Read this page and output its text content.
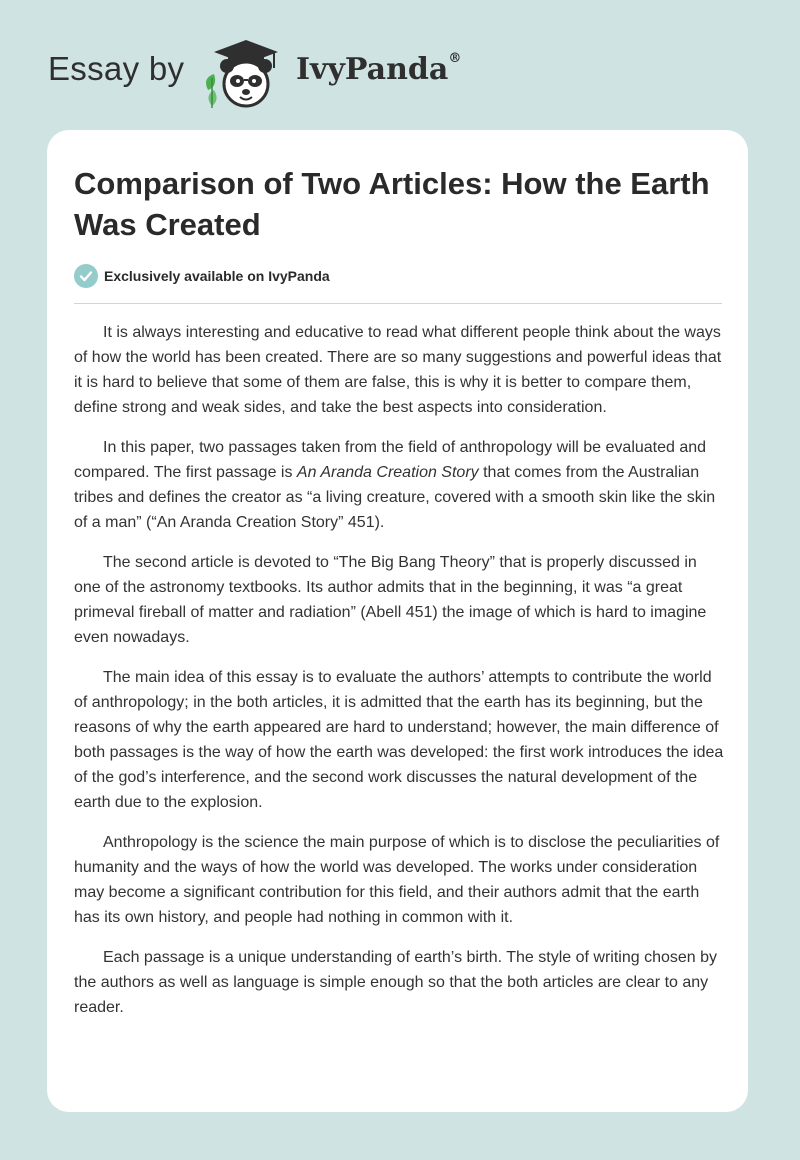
Essay by	IvyPanda®
Comparison of Two Articles: How the Earth Was Created
Exclusively available on IvyPanda

It is always interesting and educative to read what different people think about the ways of how the world has been created. There are so many suggestions and powerful ideas that it is hard to believe that some of them are false, this is why it is better to compare them, define strong and weak sides, and take the best aspects into consideration.

In this paper, two passages taken from the field of anthropology will be evaluated and compared. The first passage is An Aranda Creation Story that comes from the Australian tribes and defines the creator as “a living creature, covered with a smooth skin like the skin of a man” (“An Aranda Creation Story” 451).

The second article is devoted to “The Big Bang Theory” that is properly discussed in one of the astronomy textbooks. Its author admits that in the beginning, it was “a great primeval fireball of matter and radiation” (Abell 451) the image of which is hard to imagine even nowadays.

The main idea of this essay is to evaluate the authors’ attempts to contribute the world of anthropology; in the both articles, it is admitted that the earth has its beginning, but the reasons of why the earth appeared are hard to understand; however, the main difference of both passages is the way of how the earth was developed: the first work introduces the idea of the god’s interference, and the second work discusses the natural development of the earth due to the explosion.

Anthropology is the science the main purpose of which is to disclose the peculiarities of humanity and the ways of how the world was developed. The works under consideration may become a significant contribution for this field, and their authors admit that the earth has its own history, and people had nothing in common with it.

Each passage is a unique understanding of earth’s birth. The style of writing chosen by the authors as well as language is simple enough so that the both articles are clear to any reader.
